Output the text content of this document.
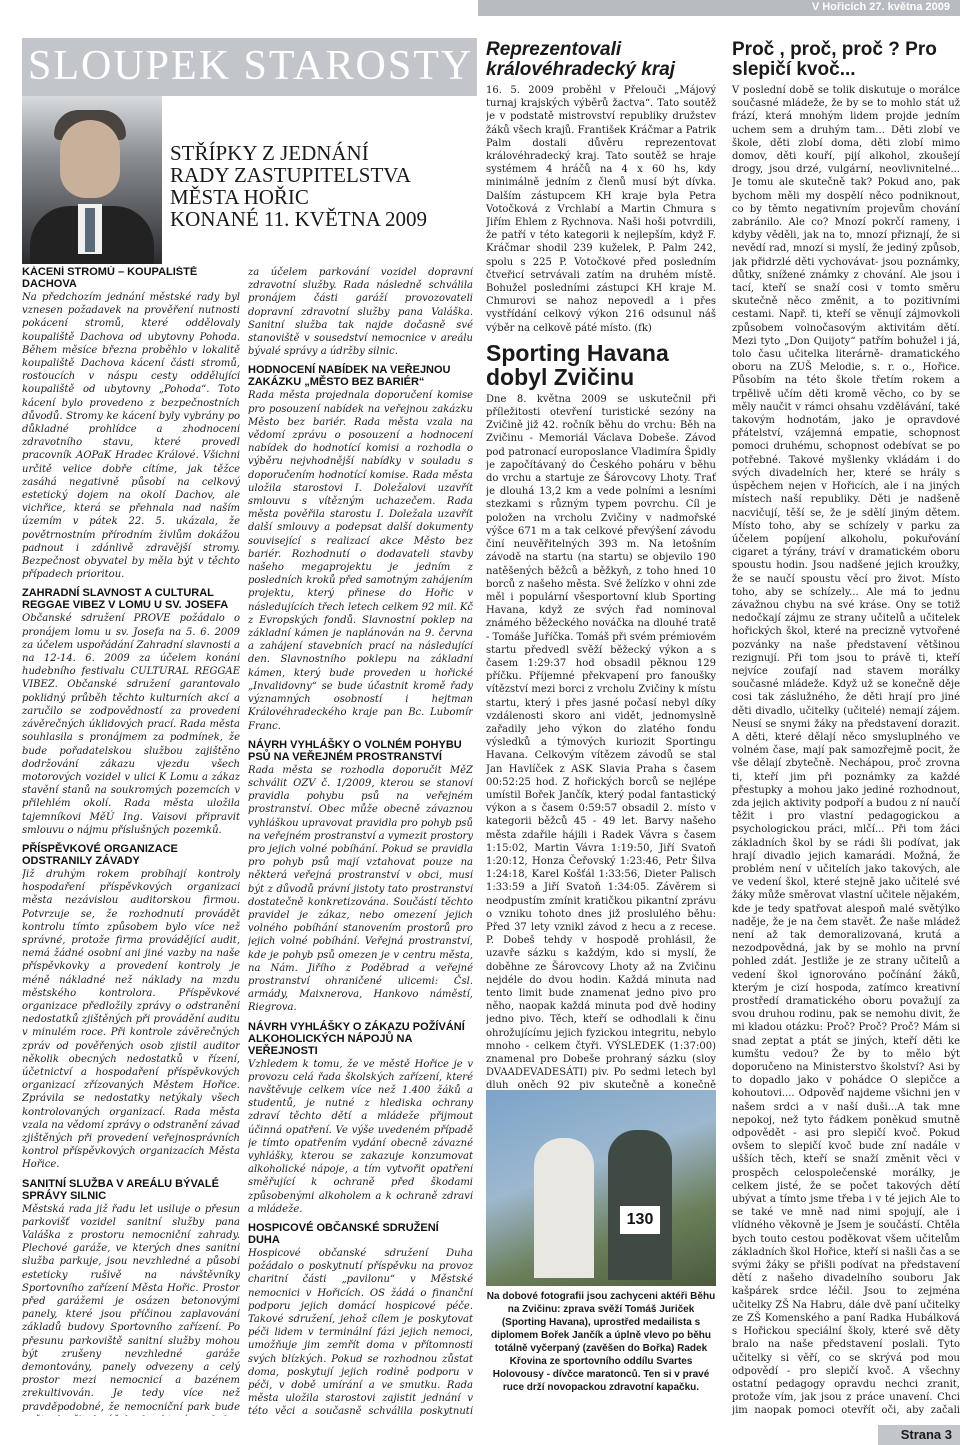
V Hořicích 27. května 2009
SLOUPEK STAROSTY
STŘÍPKY Z JEDNÁNÍ
RADY ZASTUPITELSTVA
MĚSTA HOŘIC
KONANÉ 11. KVĚTNA 2009

KÁCENÍ STROMŮ – KOUPALIŠTĚ DACHOVA

Na předchozím jednání městské rady byl vznesen požadavek na prověření nutnosti pokácení stromů, které oddělovaly koupaliště Dachova od ubytovny Pohoda. Během měsíce března proběhlo v lokalitě koupaliště Dachova kácení části stromů, rostoucích v náspu cesty oddělující koupaliště od ubytovny „Pohoda“. Toto kácení bylo provedeno z bezpečnostních důvodů. Stromy ke kácení byly vybrány po důkladné prohlídce a zhodnocení zdravotního stavu, které provedl pracovník AOPaK Hradec Králové. Všichni určitě velice dobře cítíme, jak těžce zasáhá negativně působí na celkový estetický dojem na okolí Dachov, ale vichřice, která se přehnala nad naším územím v pátek 22. 5. ukázala, že povětrnostním přírodním živlům dokážou padnout i zdánlivě zdravější stromy. Bezpečnost obyvatel by měla být v těchto případech prioritou.

ZAHRADNÍ SLAVNOST A CULTURAL REGGAE VIBEZ V LOMU U SV. JOSEFA

Občanské sdružení PROVE požádalo o pronájem lomu u sv. Josefa na 5. 6. 2009 za účelem uspořádání Zahradní slavnosti a na 12-14. 6. 2009 za účelem konání hudebního festivalu CULTURAL REGGAE VIBEZ. Občanské sdružení garantovalo poklidný průběh těchto kulturních akcí a zaručilo se zodpovědností za provedení závěrečných úklidových prací. Rada města souhlasila s pronájmem za podmínek, že bude pořadatelskou službou zajištěno dodržování zákazu vjezdu všech motorových vozidel v ulici K Lomu a zákaz stavění stanů na soukromých pozemcích v přilehlém okolí. Rada města uložila tajemníkovi MěÚ Ing. Vaisovi připravit smlouvu o nájmu příslušných pozemků.

PŘÍSPĚVKOVÉ ORGANIZACE ODSTRANILY ZÁVADY

Již druhým rokem probíhají kontroly hospodaření příspěvkových organizací města nezávislou auditorskou firmou. Potvrzuje se, že rozhodnutí provádět kontrolu tímto způsobem bylo více než správné, protože firma provádějící audit, nemá žádné osobní ani jiné vazby na naše příspěvkovky a provedení kontroly je méně nákladné než náklady na mzdu městského kontrolora. Příspěvkové organizace předložily zprávy o odstranění nedostatků zjištěných při provádění auditu v minulém roce. Při kontrole závěrečných zpráv od pověřených osob zjistil auditor několik obecných nedostatků v řízení, účetnictví a hospodaření příspěvkových organizací zřízovaných Městem Hořice. Zprávila se nedostatky netýkaly všech kontrolovaných organizací. Rada města vzala na vědomí zprávy o odstranění závad zjištěných při provedení veřejnosprávních kontrol příspěvkových organizacích Města Hořice.

SANITNÍ SLUŽBA V AREÁLU BÝVALÉ SPRÁVY SILNIC

Městská rada již řadu let usiluje o přesun parkovišť vozidel sanitní služby pana Valáška z prostoru nemocniční zahrady. Plechové garáže, ve kterých dnes sanitní služba parkuje, jsou nevzhledné a působí esteticky rušivě na návštěvníky Sportovního zařízení Města Hořic. Prostor před garážemi je osázen betonovými panely, které jsou příčinou zaplavování základů budovy Sportovního zařízení. Po přesunu parkoviště sanitní služby mohou být zrušeny nevzhledné garáže demontovány, panely odvezeny a celý prostor mezi nemocnicí a bazénem zrekultivován. Je tedy více než pravděpodobné, že nemocniční park bude

za účelem parkování vozidel dopravní zdravotní služby. Rada následně schválila pronájem části garáží provozovateli dopravní zdravotní služby pana Valáška. Sanitní služba tak najde dočasně své stanoviště v sousedství nemocnice v areálu bývalé správy a údržby silnic.

HODNOCENÍ NABÍDEK NA VEŘEJNOU ZAKÁZKU „MĚSTO BEZ BARIÉR“

Rada města projednala doporučení komise pro posouzení nabídek na veřejnou zakázku Město bez bariér. Rada města vzala na vědomí zprávu o posouzení a hodnocení nabídek do hodnotící komisi a rozhodla o výběru nejvhodnější nabídky v souladu s doporučením hodnotící komise. Rada města uložila starostovi I. Doležalovi uzavřít smlouvu s vítězným uchazečem. Rada města pověřila starostu I. Doležala uzavřít další smlouvy a podepsat další dokumenty související s realizací akce Město bez bariér. Rozhodnutí o dodavateli stavby našeho megaprojektu je jedním z posledních kroků před samotným zahájením projektu, který přinese do Hořic v následujících třech letech celkem 92 mil. Kč z Evropských fondů. Slavnostní poklep na základní kámen je naplánován na 9. června a zahájení stavebních prací na následující den. Slavnostního poklepu na základní kámen, který bude proveden u hořické „Invalidovny“ se bude účastnit kromě řady významných osobností i hejtman Královéhradeckého kraje pan Bc. Lubomír Franc.

NÁVRH VYHLÁŠKY O VOLNÉM POHYBU PSŮ NA VEŘEJNÉM PROSTRANSTVÍ

Rada města se rozhodla doporučit MěZ schválit OZV č. 1/2009, kterou se stanoví pravidla pohybu psů na veřejném prostranství. Obec může obecně závaznou vyhláškou upravovat pravidla pro pohyb psů na veřejném prostranství a vymezit prostory pro jejich volné pobíhání. Pokud se pravidla pro pohyb psů mají vztahovat pouze na některá veřejná prostranství v obci, musí být z důvodů právní jistoty tato prostranství dostatečně konkretizována. Součástí těchto pravidel je zákaz, nebo omezení jejich volného pobíhání stanovením prostorů pro jejich volné pobíhání. Veřejná prostranství, kde je pohyb psů omezen je v centru města, na Nám. Jiřího z Poděbrad a veřejné prostranství ohraničené ulicemi: Čsl. armády, Maixnerova, Hankovo náměstí, Riegrova.

NÁVRH VYHLÁŠKY O ZÁKAZU POŽÍVÁNÍ ALKOHOLICKÝCH NÁPOJŮ NA VEŘEJNOSTI

Vzhledem k tomu, že ve městě Hořice je v provozu celá řada školských zařízení, které navštěvuje celkem více než 1.400 žáků a studentů, je nutné z hlediska ochrany zdraví těchto dětí a mládeže přijmout účinná opatření. Ve výše uvedeném případě je tímto opatřením vydání obecně závazné vyhlášky, kterou se zakazuje konzumovat alkoholické nápoje, a tím vytvořit opatření směřující k ochraně před škodami způsobenými alkoholem a k ochraně zdraví a mládeže.

HOSPICOVÉ OBČANSKÉ SDRUŽENÍ DUHA

Hospicové občanské sdružení Duha požádalo o poskytnutí příspěvku na provoz charitní části „pavilonu“ v Městské nemocnici v Hořicích. OS žádá o finanční podporu jejich domácí hospicové péče. Takové sdružení, jehož cílem je poskytovat péči lidem v terminální fázi jejich nemoci, umožňuje jim zemřít doma v přítomnosti svých blízkých. Pokud se rozhodnou zůstat doma, poskytují jejich rodině podporu v péči, v době umírání a ve smutku. Rada města uložila starostovi zajistit jednání v této věci a současně schválila poskytnutí

Reprezentovali královéhradecký kraj

16. 5. 2009 proběhl v Přelouči „Májový turnaj krajských výběrů žactva“. Tato soutěž je v podstatě mistrovství republiky družstev žáků všech krajů. František Kráčmar a Patrik Palm dostali důvěru reprezentovat královéhradecký kraj. Tato soutěž se hraje systémem 4 hráčů na 4 x 60 hs, kdy minimálně jedním z členů musí být dívka. Dalším zástupcem KH kraje byla Petra Votočková z Vrchlabí a Martin Chmura s Jiřím Ehlem z Rychnova. Naši hoši potvrdili, že patří v této kategorii k nejlepším, když F. Kráčmar shodil 239 kuželek, P. Palm 242, spolu s 225 P. Votočkové před posledním čtveřicí setrvávali zatím na druhém místě. Bohužel posledními zástupci KH kraje M. Chmurovi se nahoz nepovedl a i přes vystřídání celkový výkon 216 odsunul náš výběr na celkově páté místo. (fk)

Sporting Havana dobyl Zvičinu

Dne 8. května 2009 se uskutečnil při příležitosti otevření turistické sezóny na Zvičině již 42. ročník běhu do vrchu: Běh na Zvičinu - Memoriál Václava Dobeše. Závod pod patronací europoslance Vladimíra Špidly je započítávaný do Českého poháru v běhu do vrchu a startuje ze Šárovcovy Lhoty. Trať je dlouhá 13,2 km a vede polními a lesními stezkami s různým typem povrchu. Cíl je položen na vrcholu Zvičiny v nadmořské výšce 671 m a tak celkové převýšení závodu činí neuvěřitelných 393 m. Na letošním závodě na startu (na startu) se objevilo 190 natěšených běžců a běžkyň, z toho hned 10 borců z našeho města. Své želízko v ohni zde měl i populární všesportovní klub Sporting Havana, když ze svých řad nominoval známého běžeckého nováčka na dlouhé tratě - Tomáše Juříčka. Tomáš při svém prémiovém startu předvedl svěží běžecký výkon a s časem 1:29:37 hod obsadil pěknou 129 příčku. Příjemné překvapení pro fanoušky vítězství mezi borci z vrcholu Zvičiny k místu startu, který i přes jasné počasí nebyl díky vzdálenosti skoro ani vidět, jednomyslně zařadily jeho výkon do zlatého fondu výsledků a týmových kuriozit Sportingu Havana. Celkovým vítězem závodů se stal Jan Havlíček z ASK Slavia Praha s časem 00:52:25 hod. Z hořických borců se nejlépe umístil Bořek Jančík, který podal fantastický výkon a s časem 0:59:57 obsadil 2. místo v kategorii běžců 45 - 49 let. Barvy našeho města zdařile hájili i Radek Vávra s časem 1:15:02, Martin Vávra 1:19:50, Jiří Svatoň 1:20:12, Honza Čeřovský 1:23:46, Petr Šilva 1:24:18, Karel Košťál 1:33:56, Dieter Palisch 1:33:59 a Jiří Svatoň 1:34:05. Závěrem si neodpustím zmínit kratičkou pikantní zprávu o vzniku tohoto dnes již proslulého běhu: Před 37 lety vznikl závod z hecu a z recese. P. Dobeš tehdy v hospodě prohlásil, že uzavře sázku s každým, kdo si myslí, že doběhne ze Šárovcovy Lhoty až na Zvičinu nejdéle do dvou hodin. Každá minuta nad tento limit bude znamenat jedno pivo pro něho, naopak každá minuta pod dvě hodiny jedno pivo. Těch, kteří se odhodlali k činu ohrožujícímu jejich fyzickou integritu, nebylo mnoho - celkem čtyři. VÝSLEDEK (1:37:00) znamenal pro Dobeše prohraný sázku (sloy DVAADEVADESÁTI) piv. Po sedmi letech byl dluh oněch 92 piv skutečně a konečně

130
Na dobové fotografii jsou zachyceni aktéři Běhu na Zvičinu: zprava svěží Tomáš Juriček (Sporting Havana), uprostřed medailista s diplomem Bořek Jančík a úplně vlevo po běhu totálně vyčerpaný (zavěšen do Bořka) Radek Křovina ze sportovního oddílu Svartes Holovousy - dívčce maratonců. Ten si v pravé ruce drží novopackou zdravotní kapačku.

Proč , proč, proč ? Pro slepičí kvoč...

V poslední době se tolik diskutuje o morálce současné mládeže, že by se to mohlo stát už frází, která mnohým lidem projde jedním uchem sem a druhým tam... Děti zlobí ve škole, děti zlobí doma, děti zlobí mimo domov, děti kouří, pijí alkohol, zkoušejí drogy, jsou drzé, vulgární, neovlivnitelné... Je tomu ale skutečně tak? Pokud ano, pak bychom měli my dospělí něco podniknout, co by těmto negativním projevům chování zabránilo. Ale co? Mnozí pokrčí rameny, i kdyby věděli, jak na to, mnozí přiznají, že si nevědí rad, mnozí si myslí, že jediný způsob, jak přidrzlé děti vychovávat- jsou poznámky, důtky, snížené známky z chování. Ale jsou i tací, kteří se snaží cosi v tomto směru skutečně něco změnit, a to pozitivními cestami. Např. ti, kteří se věnují zájmovkoli způsobem volnočasovým aktivitám dětí. Mezi tyto „Don Quijoty“ patřím bohužel i já, tolo času učitelka literárně- dramatického oboru na ZUŠ Melodie, s. r. o., Hořice. Působím na této škole třetím rokem a trpělivě učím děti kromě věcho, co by se měly naučit v rámci ohsahu vzdělávání, také takovým hodnotám, jako je opravdové přátelství, vzájemná empatie, schopnost pomoci druhému, schopnost odebívat se po potřebné. Takové myšlenky vkládám i do svých divadelních her, které se hrály s úspěchem nejen v Hořicích, ale i na jiných místech naší republiky. Děti je nadšeně nacvičují, těší se, že je sdělí jiným dětem. Místo toho, aby se schízely v parku za účelem popíjení alkoholu, pokuřování cigaret a týrány, tráví v dramatickém oboru spoustu hodin. Jsou nadšené jejich kroužky, že se naučí spoustu věcí pro život. Místo toho, aby se schízely... Ale má to jednu závažnou chybu na své kráse. Ony se totiž nedočkají zájmu ze strany učitelů a učitelek hořických škol, které na precizně vytvořené pozvánky na naše představení většinou rezignují. Při tom jsou to právě ti, kteří nejvíce zoufají nad stavem morálky současné mládeže. Když už se konečně děje cosi tak záslužného, že děti hrají pro jiné děti divadlo, učitelky (učitelé) nemají zájem. Neusí se snymi žáky na představení dorazit. A děti, které dělají něco smysluplného ve volném čase, mají pak samozřejmě pocit, že vše dělají zbytečně. Nechápou, proč zrovna ti, kteří jim při poznámky za každé přestupky a mohou jako jediné rozhodnout, zda jejich aktivity podpoří a budou z ní naučí těžit i pro vlastní pedagogickou a psychologickou práci, mlčí... Při tom žáci základních škol by se rádi šli podívat, jak hrají divadlo jejich kamarádi. Možná, že problém není v učitelích jako takových, ale ve vedení škol, které stejně jako učitelé své žáky může směrovat vlastní učitele nějakém, kde je tedy spatřovat alespoň malé světýlko naděje, že je na čem stavět. Že naše mládež není až tak demoralizovaná, krutá a nezodpovědná, jak by se mohlo na první pohled zdát. Jestliže je ze strany učitelů a vedení škol ignorováno počínání žáků, kterým je cizí hospoda, zatímco kreativní prostředí dramatického oboru považují za svou druhou rodinu, pak se nemohu divit, že mi kladou otázku: Proč? Proč? Proč? Mám si snad zeptat a ptát se jiných, kteří děti ke kumštu vedou? Že by to mělo být doporučeno na Ministerstvo školství? Asi by to dopadlo jako v pohádce O slepičce a kohoutovi.... Odpověď najdeme všichni jen v našem srdci a v naší duši...A tak mne nepokoj, než tyto řádkem poněkud smutně odpovědět - asi pro slepičí kvoč. Pokud ovšem to slepičí kvoč bude zní nadále v ušších těch, kteří se snaží změnit věci v prospěch celospolečenské morálky, je celkem jisté, že se počet takových dětí ubývat a tímto jsme třeba i v té jejich Ale to se také ve mně nad nimi spojují, ale i vlídného věkovně je Jsem je součástí. Chtěla bych touto cestou poděkovat všem učitelům základních škol Hořice, kteří si našli čas a se svými žáky se přišli podívat na představení dětí z našeho divadelního souboru Jak kašpárek srdce léčil. Jsou to zejména učitelky ZŠ Na Habru, dále dvě paní učitelky ze ZŠ Komenského a paní Radka Hubálková s Hořickou speciální školy, které svě děty bralo na naše představení poslali. Tyto učitelky si věří, co se skrývá pod mou odpovědí - pro slepičí kvoč. A všechny ostatní pedagogy opravdu nechci zranit, protože vím, jak jsou z práce unavení. Chci jim naopak pomoci otevřít oči, aby začali

Strana 3
